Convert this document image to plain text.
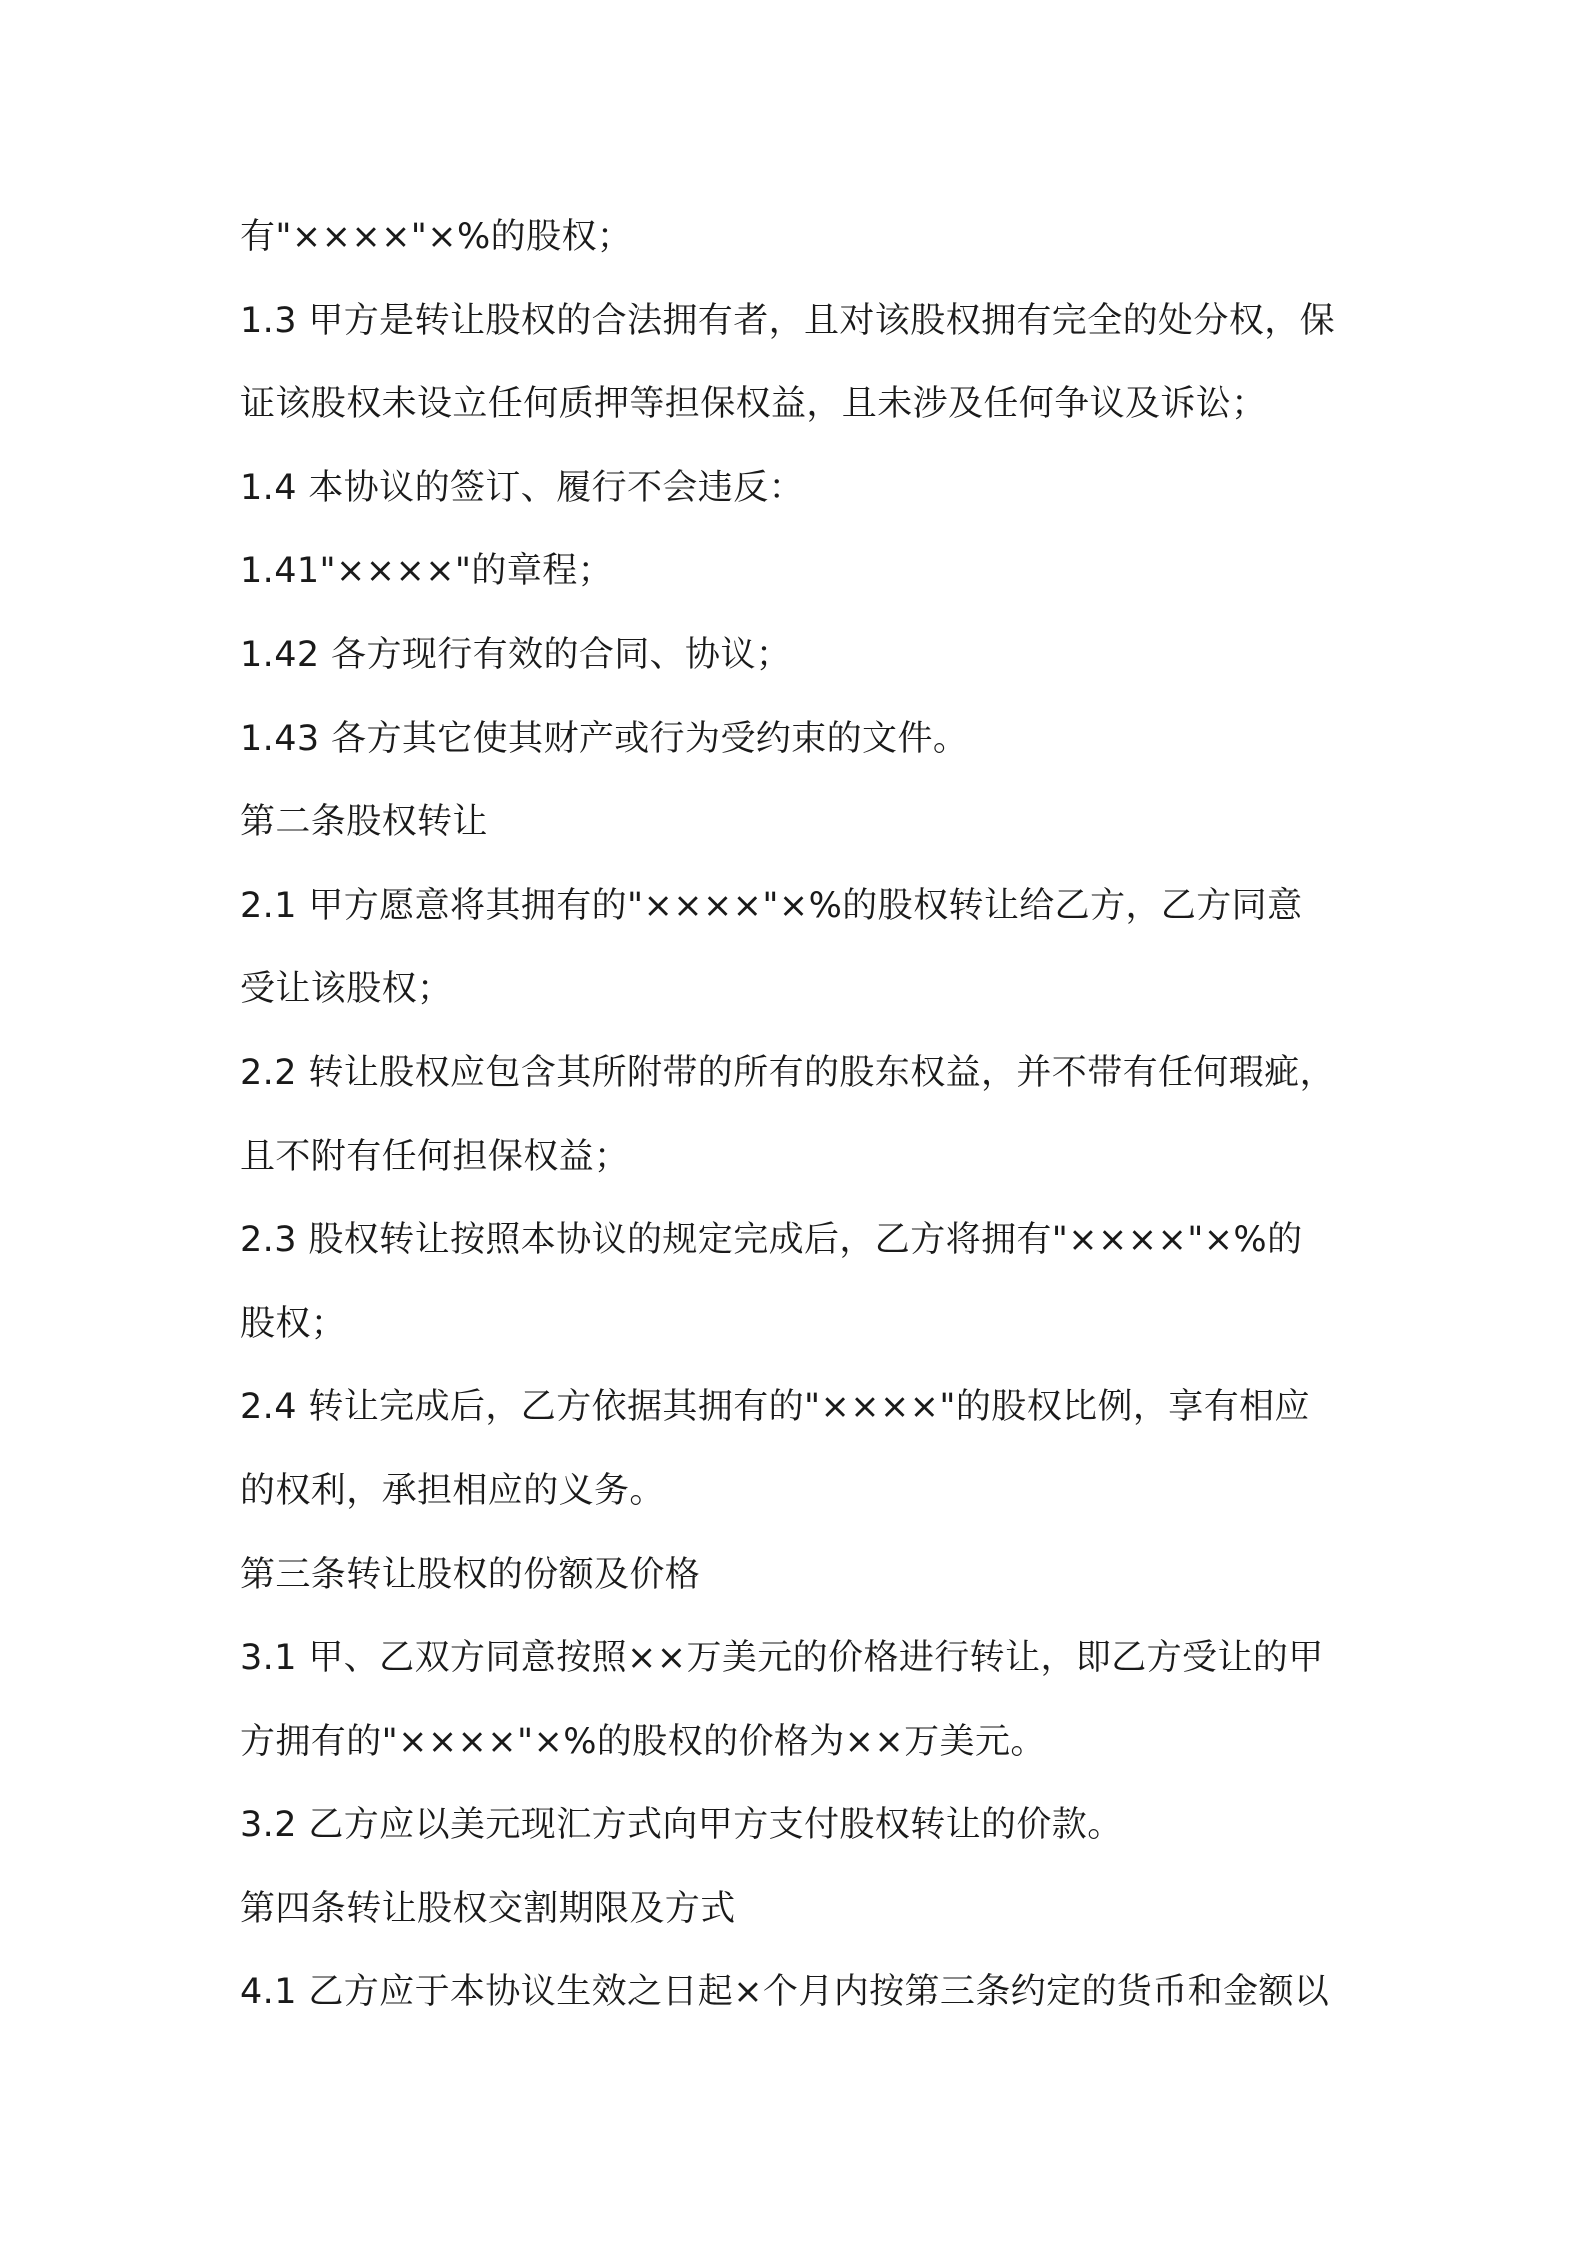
有"××××"×%的股权；
1.3 甲方是转让股权的合法拥有者，且对该股权拥有完全的处分权，保
证该股权未设立任何质押等担保权益，且未涉及任何争议及诉讼；
1.4 本协议的签订、履行不会违反：
1.41"××××"的章程；
1.42 各方现行有效的合同、协议；
1.43 各方其它使其财产或行为受约束的文件。
第二条股权转让
2.1 甲方愿意将其拥有的"××××"×%的股权转让给乙方，乙方同意
受让该股权；
2.2 转让股权应包含其所附带的所有的股东权益，并不带有任何瑕疵，
且不附有任何担保权益；
2.3 股权转让按照本协议的规定完成后，乙方将拥有"××××"×%的
股权；
2.4 转让完成后，乙方依据其拥有的"××××"的股权比例，享有相应
的权利，承担相应的义务。
第三条转让股权的份额及价格
3.1 甲、乙双方同意按照××万美元的价格进行转让，即乙方受让的甲
方拥有的"××××"×%的股权的价格为××万美元。
3.2 乙方应以美元现汇方式向甲方支付股权转让的价款。
第四条转让股权交割期限及方式
4.1 乙方应于本协议生效之日起×个月内按第三条约定的货币和金额以
